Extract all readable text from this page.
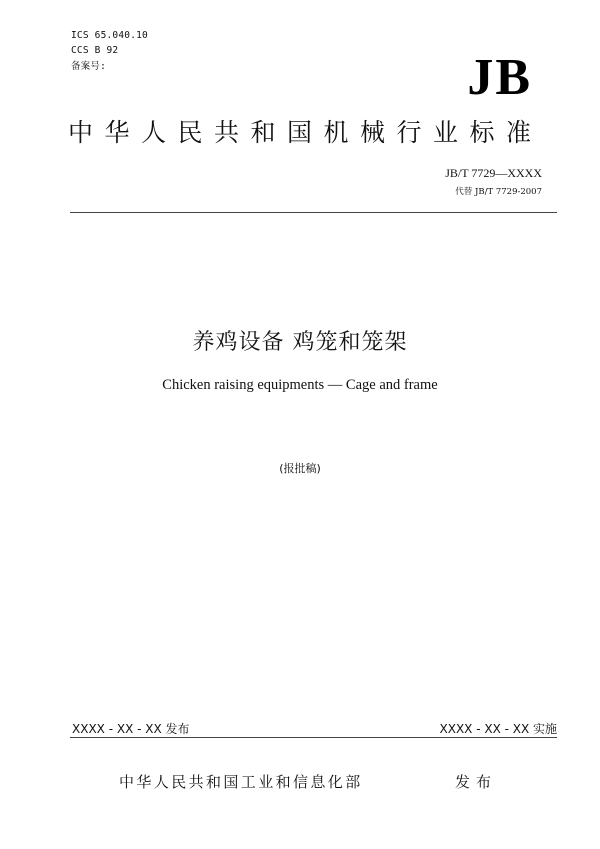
ICS 65.040.10
CCS B 92
备案号:	JB
中华人民共和国机械行业标准
JB/T 7729—XXXX
代替 JB/T 7729-2007
养鸡设备 鸡笼和笼架
Chicken raising equipments — Cage and frame
(报批稿)
XXXX - XX - XX 发布	XXXX - XX - XX 实施
中华人民共和国工业和信息化部	发布
